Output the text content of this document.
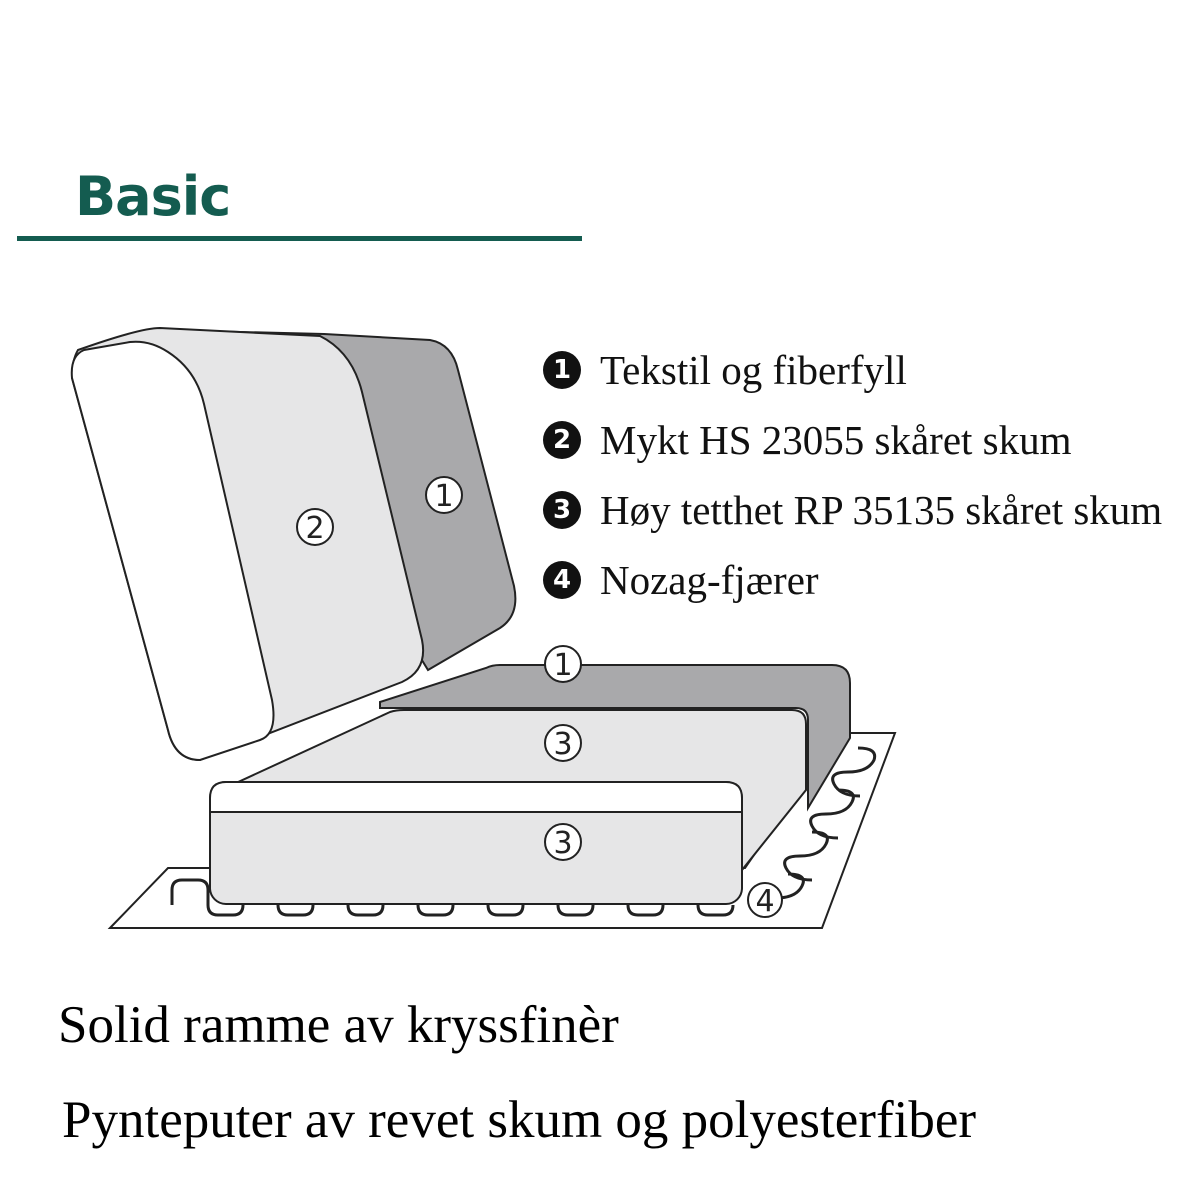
Basic
1
2
1
3
3
4
1 Tekstil og fiberfyll
2 Mykt HS 23055 skåret skum
3 Høy tetthet RP 35135 skåret skum
4 Nozag-fjærer
Solid ramme av kryssfinèr
Pynteputer av revet skum og polyesterfiber
